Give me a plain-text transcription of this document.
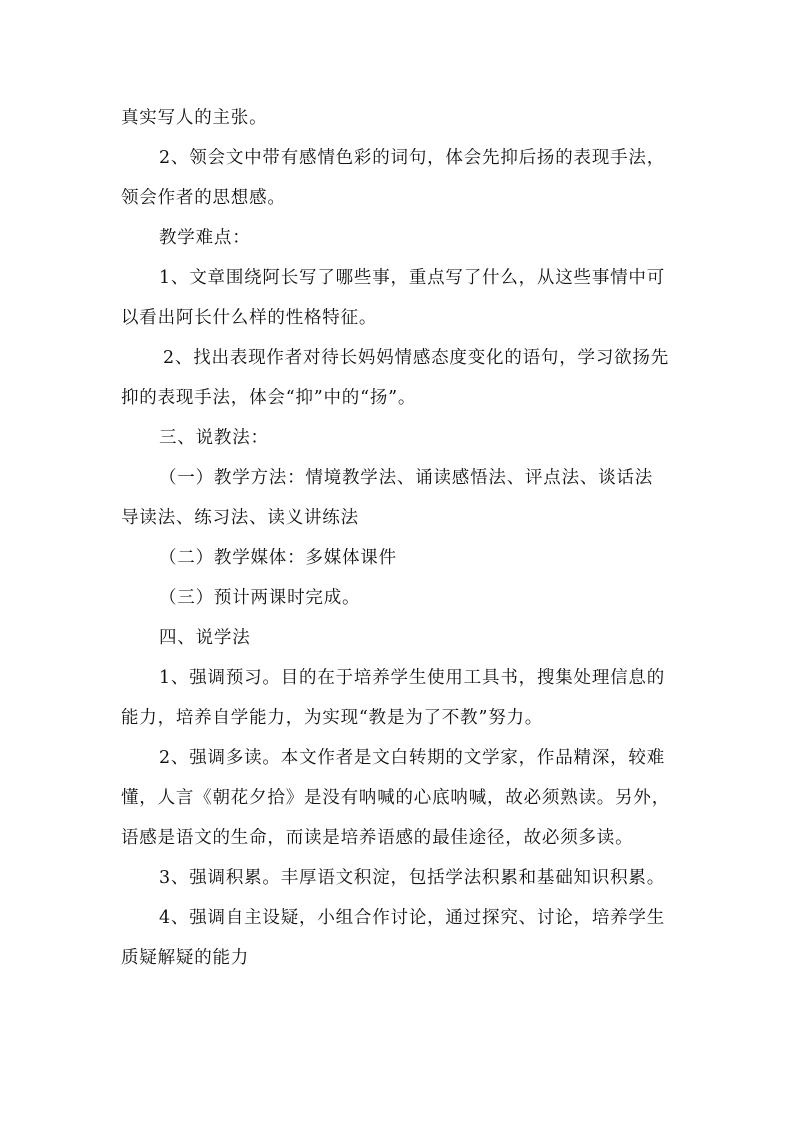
真实写人的主张。

2、领会文中带有感情色彩的词句，体会先抑后扬的表现手法，

领会作者的思想感。

教学难点：

1、文章围绕阿长写了哪些事，重点写了什么，从这些事情中可

以看出阿长什么样的性格特征。

2、找出表现作者对待长妈妈情感态度变化的语句，学习欲扬先

抑的表现手法，体会“抑”中的“扬”。

三、说教法：

（一）教学方法：情境教学法、诵读感悟法、评点法、谈话法

导读法、练习法、读义讲练法

（二）教学媒体：多媒体课件

（三）预计两课时完成。

四、说学法

1、强调预习。目的在于培养学生使用工具书，搜集处理信息的

能力，培养自学能力，为实现“教是为了不教”努力。

2、强调多读。本文作者是文白转期的文学家，作品精深，较难

懂，人言《朝花夕拾》是没有呐喊的心底呐喊，故必须熟读。另外，

语感是语文的生命，而读是培养语感的最佳途径，故必须多读。

3、强调积累。丰厚语文积淀，包括学法积累和基础知识积累。

4、强调自主设疑，小组合作讨论，通过探究、讨论，培养学生

质疑解疑的能力
